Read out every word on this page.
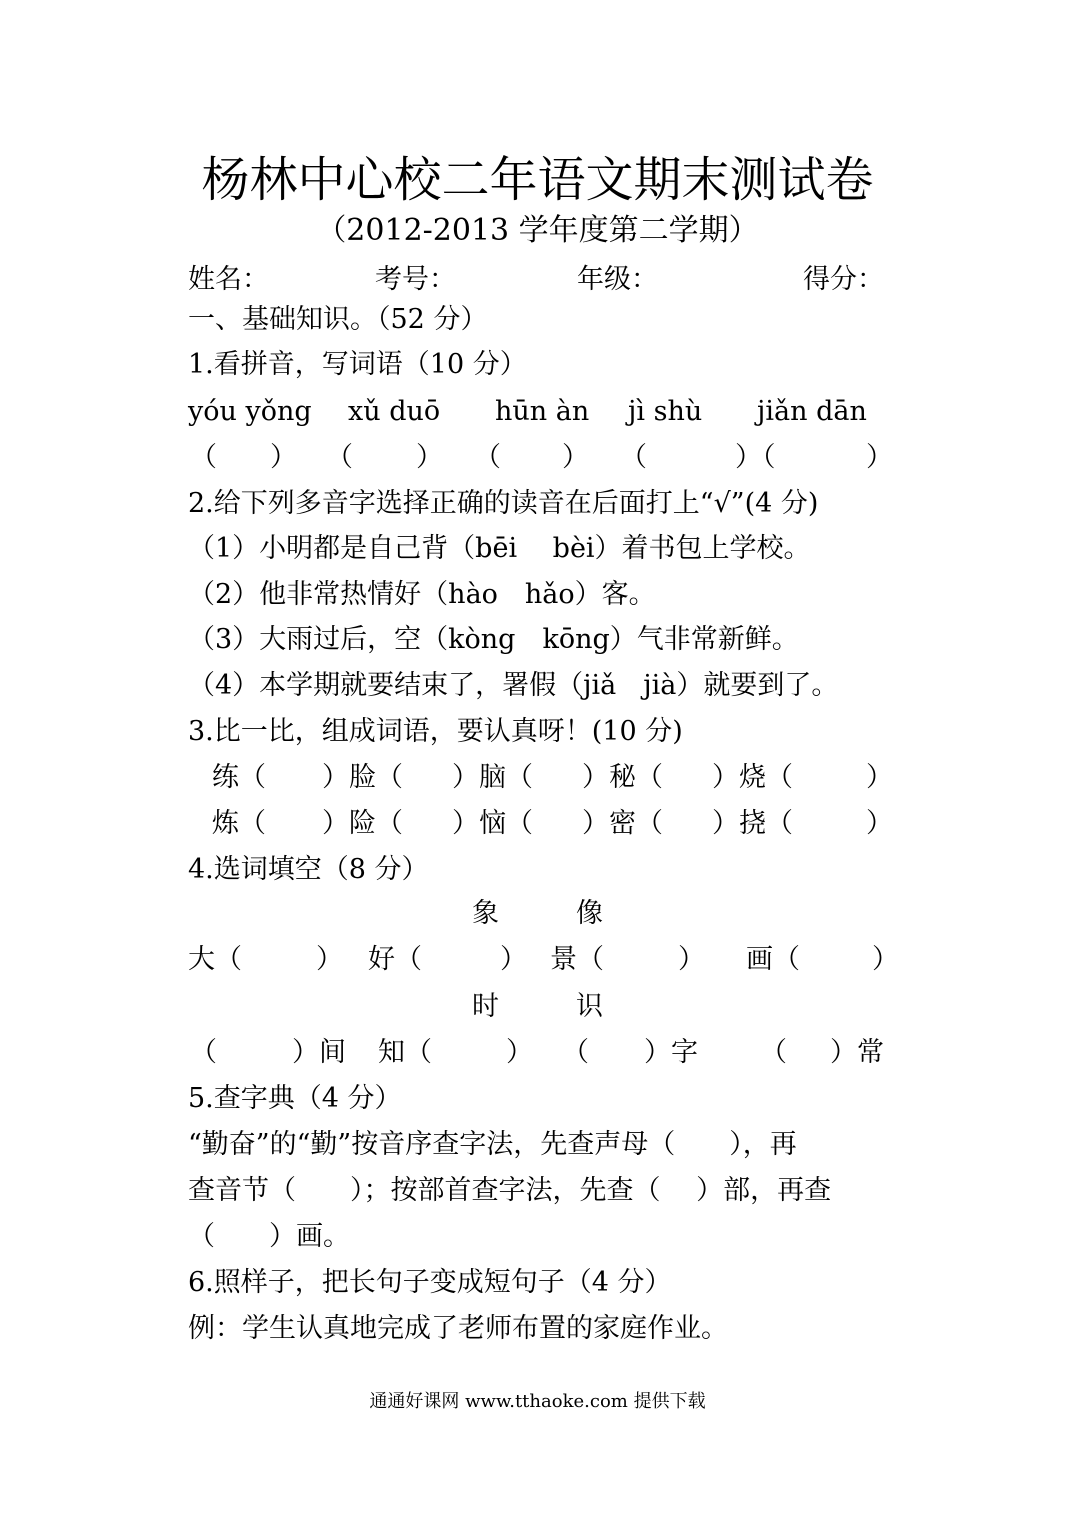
杨林中心校二年语文期末测试卷
（2012-2013 学年度第二学期）
姓名：	考号：	年级：	得分：
一、基础知识。（52 分）
1.看拼音，写词语（10 分）
yóu yǒng xǔ duō hūn àn jì shù jiǎn dān
（ ） （ ） （ ） （	）（	）
2.给下列多音字选择正确的读音在后面打上“√”(4 分)
（1）小明都是自己背（bēi　 bèi）着书包上学校。
（2）他非常热情好（hào　hǎo）客。
（3）大雨过后，空（kòng　kōng）气非常新鲜。
（4）本学期就要结束了，署假（jiǎ　jià）就要到了。
3.比一比，组成词语，要认真呀！(10 分)
练（ ）脸（ ）脑（ ）秘（ ）烧（	）
炼（ ）险（ ）恼（ ）密（ ）挠（	）
4.选词填空（8 分）
象	像
大（	） 好（	） 景（	） 画（	）
时	识
（	）间 知（	） （ ）字 （ ）常
5.查字典（4 分）
“勤奋”的“勤”按音序查字法，先查声母（　　），再
查音节（　　）；按部首查字法，先查（　 ）部，再查
（　　）画。
6.照样子，把长句子变成短句子（4 分）
例：学生认真地完成了老师布置的家庭作业。
通通好课网 www.tthaoke.com 提供下载
